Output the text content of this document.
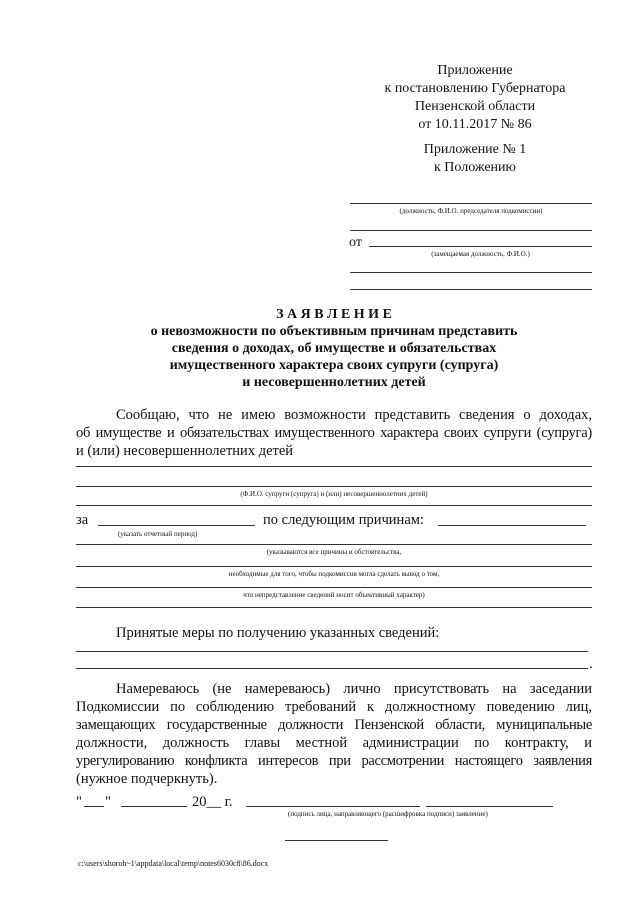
Приложение
к постановлению Губернатора
Пензенской области
от 10.11.2017 № 86
Приложение № 1
к Положению
(должность, Ф.И.О. председателя подкомиссии)
от
(замещаемая должность, Ф.И.О.)
З А Я В Л Е Н И Е
о невозможности по объективным причинам представить
сведения о доходах, об имуществе и обязательствах
имущественного характера своих супруги (супруга)
и несовершеннолетних детей
Сообщаю, что не имею возможности представить сведения о доходах,
об имуществе и обязательствах имущественного характера своих супруги (супруга)
и (или) несовершеннолетних детей
(Ф.И.О. супруги (супруга) и (или) несовершеннолетних детей)
за	по следующим причинам:
(указать отчетный период)
(указываются все причины и обстоятельства,
необходимые для того, чтобы подкомиссия могла сделать вывод о том,
что непредставление сведений носит объективный характер)
Принятые меры по получению указанных сведений:
.
Намереваюсь (не намереваюсь) лично присутствовать на заседании
Подкомиссии по соблюдению требований к должностному поведению лиц,
замещающих государственные должности Пензенской области, муниципальные
должности, должность главы местной администрации по контракту, и
урегулированию конфликта интересов при рассмотрении настоящего заявления
(нужное подчеркнуть).
" "	20__ г.
(подпись лица, направляющего (расшифровка подписи) заявление)
c:\users\shoroh~1\appdata\local\temp\notes6030c8\86.docx
